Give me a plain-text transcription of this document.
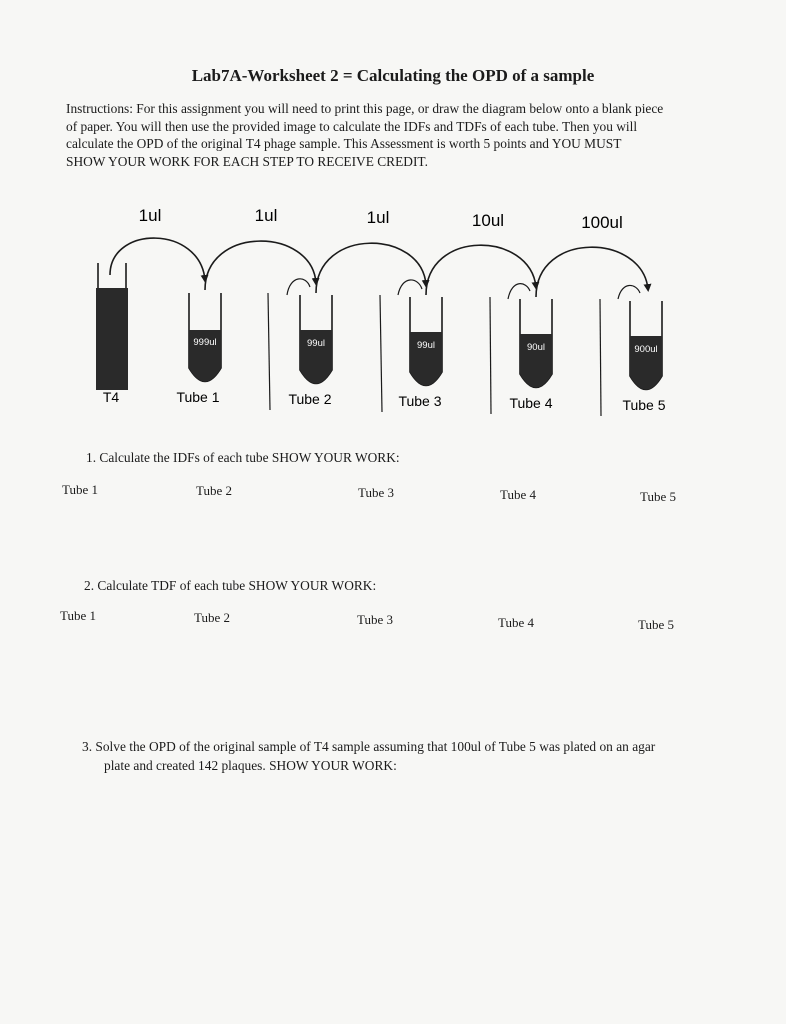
Lab7A-Worksheet 2 = Calculating the OPD of a sample
Instructions: For this assignment you will need to print this page, or draw the diagram below onto a blank piece
of paper. You will then use the provided image to calculate the IDFs and TDFs of each tube. Then you will
calculate the OPD of the original T4 phage sample. This Assessment is worth 5 points and YOU MUST
SHOW YOUR WORK FOR EACH STEP TO RECEIVE CREDIT.
1ul	1ul	1ul	10ul	100ul
T4
999ul
Tube 1
99ul
Tube 2
99ul
Tube 3
90ul
Tube 4
900ul
Tube 5
1. Calculate the IDFs of each tube SHOW YOUR WORK:
Tube 1	Tube 2	Tube 3	Tube 4	Tube 5
2. Calculate TDF of each tube SHOW YOUR WORK:
Tube 1	Tube 2	Tube 3	Tube 4	Tube 5
3. Solve the OPD of the original sample of T4 sample assuming that 100ul of Tube 5 was plated on an agar
plate and created 142 plaques. SHOW YOUR WORK:
